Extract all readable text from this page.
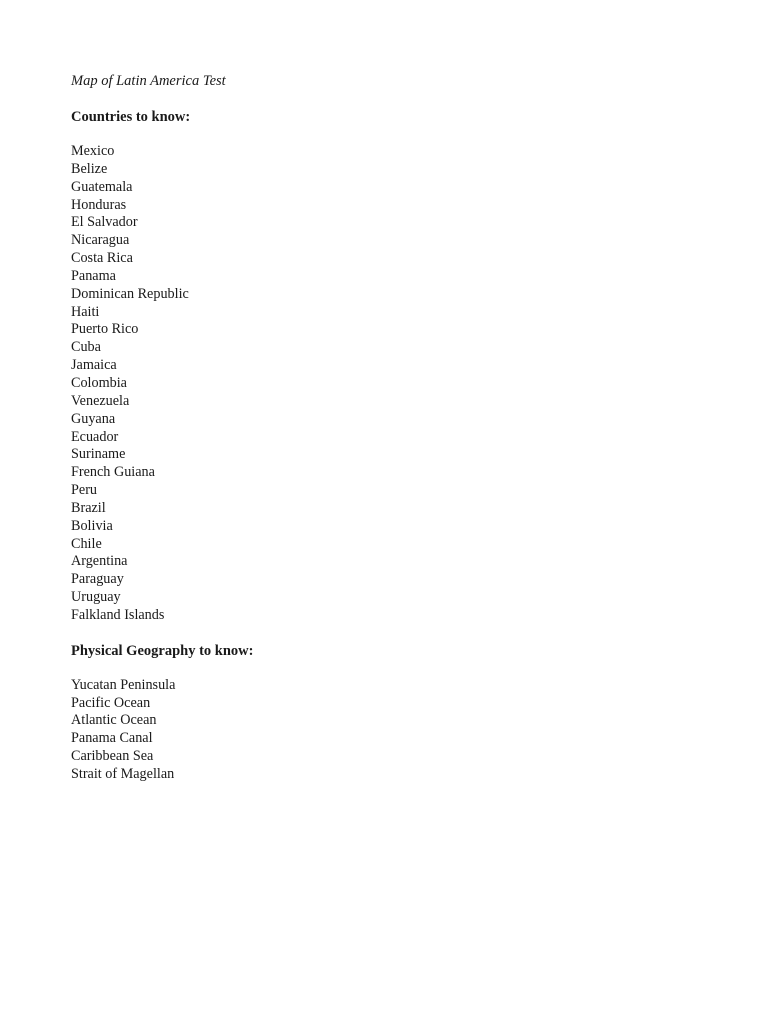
Map of Latin America Test

Countries to know:

Mexico
Belize
Guatemala
Honduras
El Salvador
Nicaragua
Costa Rica
Panama
Dominican Republic
Haiti
Puerto Rico
Cuba
Jamaica
Colombia
Venezuela
Guyana
Ecuador
Suriname
French Guiana
Peru
Brazil
Bolivia
Chile
Argentina
Paraguay
Uruguay
Falkland Islands

Physical Geography to know:

Yucatan Peninsula
Pacific Ocean
Atlantic Ocean
Panama Canal
Caribbean Sea
Strait of Magellan
